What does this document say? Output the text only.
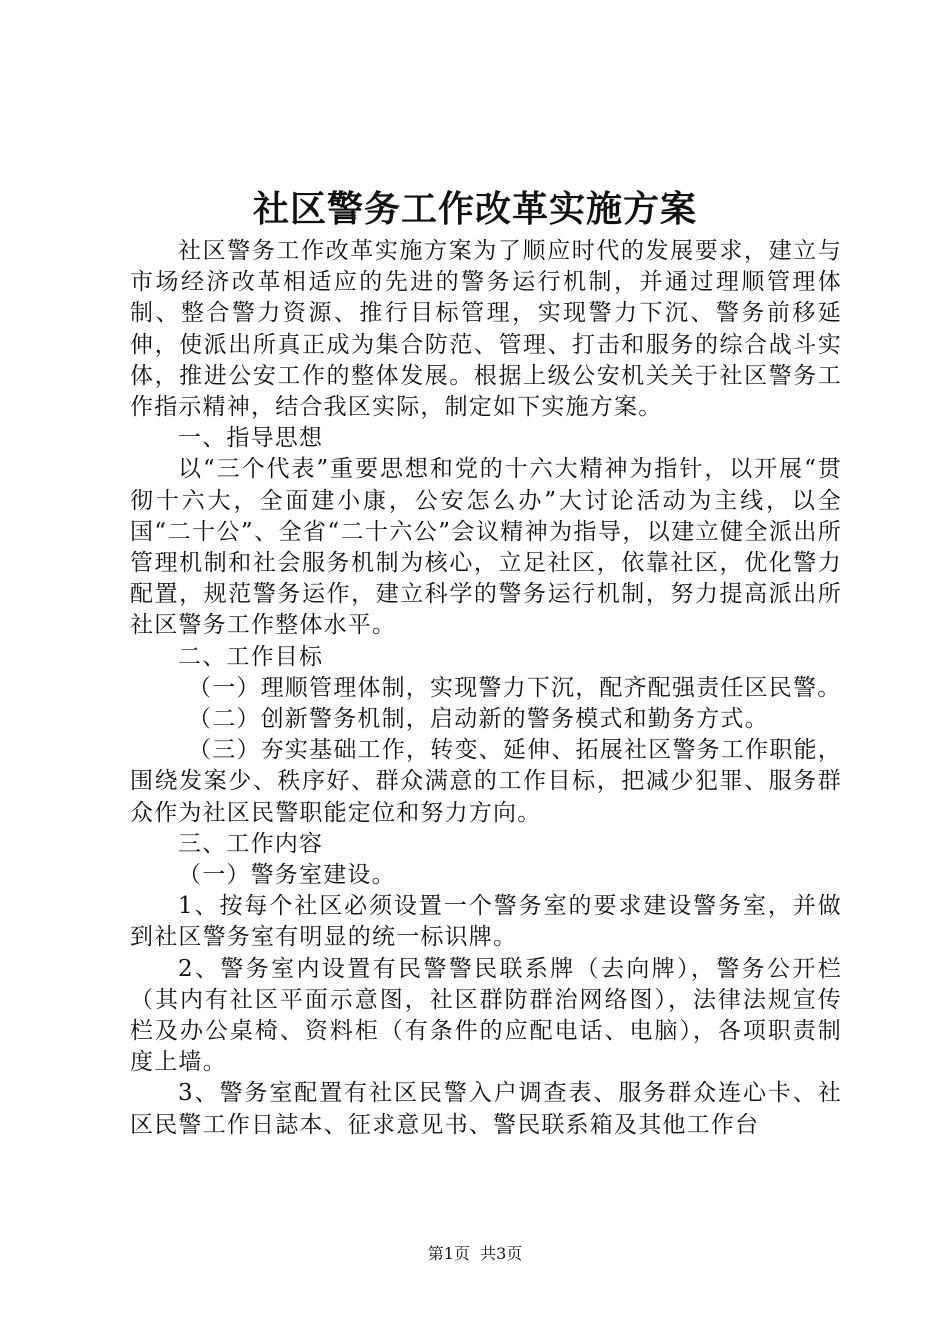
社区警务工作改革实施方案

社区警务工作改革实施方案为了顺应时代的发展要求，建立与市场经济改革相适应的先进的警务运行机制，并通过理顺管理体制、整合警力资源、推行目标管理，实现警力下沉、警务前移延伸，使派出所真正成为集合防范、管理、打击和服务的综合战斗实体，推进公安工作的整体发展。根据上级公安机关关于社区警务工作指示精神，结合我区实际，制定如下实施方案。

一、指导思想

以“三个代表”重要思想和党的十六大精神为指针，以开展“贯彻十六大，全面建小康，公安怎么办”大讨论活动为主线，以全国“二十公”、全省“二十六公”会议精神为指导，以建立健全派出所管理机制和社会服务机制为核心，立足社区，依靠社区，优化警力配置，规范警务运作，建立科学的警务运行机制，努力提高派出所社区警务工作整体水平。

二、工作目标

（一）理顺管理体制，实现警力下沉，配齐配强责任区民警。

（二）创新警务机制，启动新的警务模式和勤务方式。

（三）夯实基础工作，转变、延伸、拓展社区警务工作职能，围绕发案少、秩序好、群众满意的工作目标，把减少犯罪、服务群众作为社区民警职能定位和努力方向。

三、工作内容

（一）警务室建设。

1、按每个社区必须设置一个警务室的要求建设警务室，并做到社区警务室有明显的统一标识牌。

2、警务室内设置有民警警民联系牌（去向牌），警务公开栏（其内有社区平面示意图，社区群防群治网络图），法律法规宣传栏及办公桌椅、资料柜（有条件的应配电话、电脑），各项职责制度上墙。

3、警务室配置有社区民警入户调查表、服务群众连心卡、社区民警工作日誌本、征求意见书、警民联系箱及其他工作台

第1页 共3页
